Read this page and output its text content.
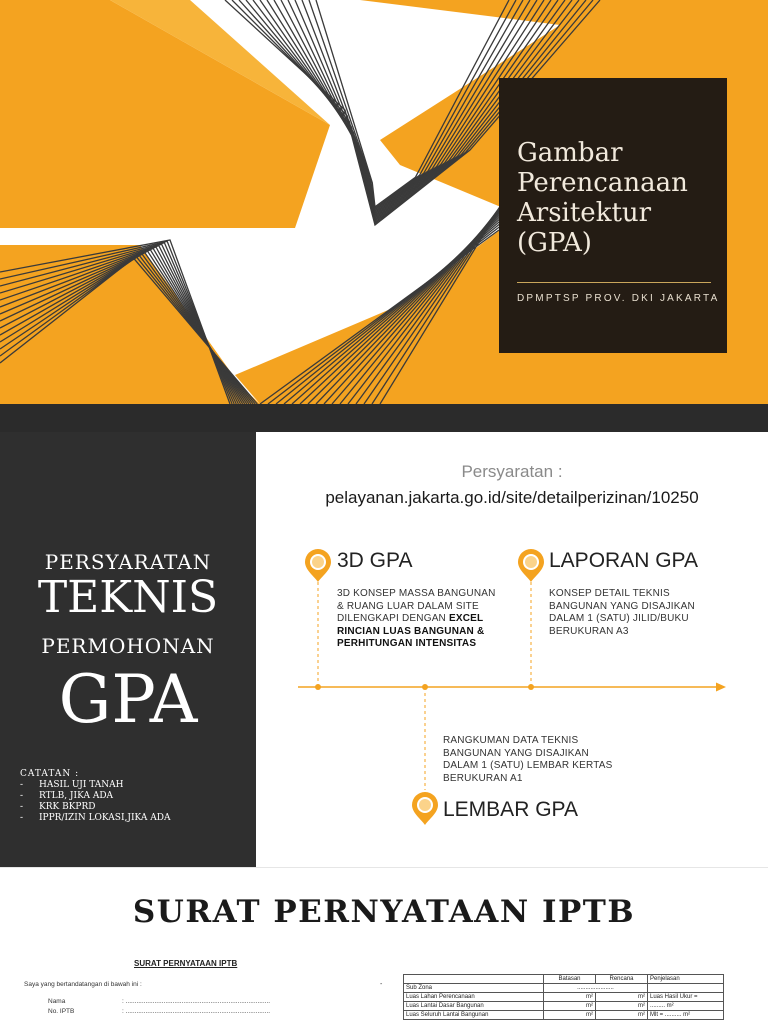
Gambar
Perencanaan
Arsitektur
(GPA)
DPMPTSP PROV. DKI JAKARTA
PERSYARATAN
TEKNIS
PERMOHONAN
GPA
CATATAN :
-	HASIL UJI TANAH
-	RTLB, JIKA ADA
-	KRK BKPRD
-	IPPR/IZIN LOKASI,JIKA ADA
Persyaratan :
pelayanan.jakarta.go.id/site/detailperizinan/10250
3D GPA
3D KONSEP MASSA BANGUNAN
& RUANG LUAR DALAM SITE
DILENGKAPI DENGAN EXCEL
RINCIAN LUAS BANGUNAN &
PERHITUNGAN INTENSITAS
LAPORAN GPA
KONSEP DETAIL TEKNIS
BANGUNAN YANG DISAJIKAN
DALAM 1 (SATU) JILID/BUKU
BERUKURAN A3
RANGKUMAN DATA TEKNIS
BANGUNAN YANG DISAJIKAN
DALAM 1 (SATU) LEMBAR KERTAS
BERUKURAN A1
LEMBAR GPA
SURAT PERNYATAAN IPTB
SURAT PERNYATAAN IPTB
Saya yang bertandatangan di bawah ini :
Nama	: ................................................................................
No. IPTB	: ................................................................................
-
	Batasan	Rencana	Penjelasan
Sub Zona	......................		
Luas Lahan Perencanaan	m²	m²	Luas Hasil Ukur =
Luas Lantai Dasar Bangunan	m²	m²	......... m²
Luas Seluruh Lantai Bangunan	m²	m²	Mlt = .......... m²
